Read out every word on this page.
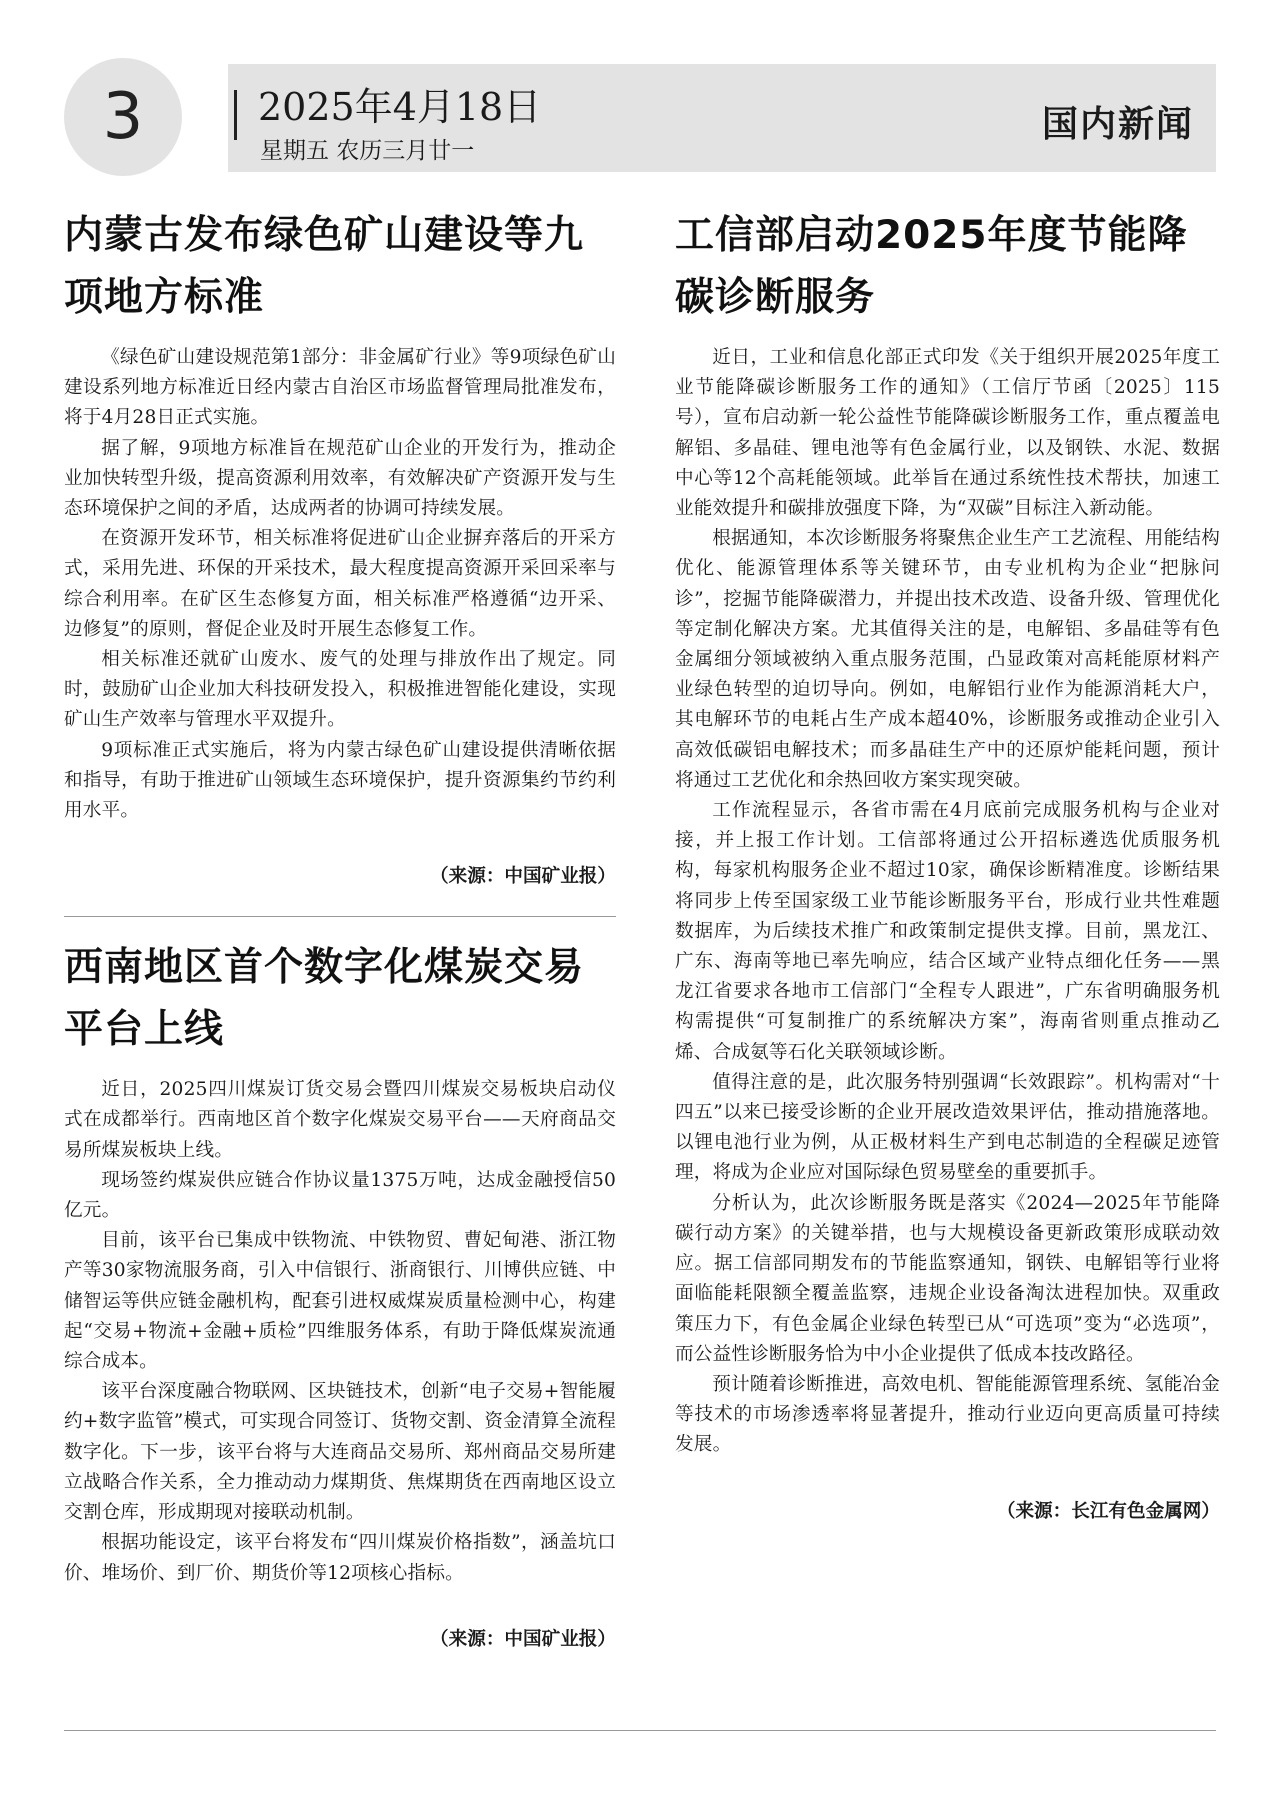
3	2025年4月18日
星期五 农历三月廿一
国内新闻
内蒙古发布绿色矿山建设等九项地方标准

《绿色矿山建设规范第1部分：非金属矿行业》等9项绿色矿山建设系列地方标准近日经内蒙古自治区市场监督管理局批准发布，将于4月28日正式实施。

据了解，9项地方标准旨在规范矿山企业的开发行为，推动企业加快转型升级，提高资源利用效率，有效解决矿产资源开发与生态环境保护之间的矛盾，达成两者的协调可持续发展。

在资源开发环节，相关标准将促进矿山企业摒弃落后的开采方式，采用先进、环保的开采技术，最大程度提高资源开采回采率与综合利用率。在矿区生态修复方面，相关标准严格遵循“边开采、边修复”的原则，督促企业及时开展生态修复工作。

相关标准还就矿山废水、废气的处理与排放作出了规定。同时，鼓励矿山企业加大科技研发投入，积极推进智能化建设，实现矿山生产效率与管理水平双提升。

9项标准正式实施后，将为内蒙古绿色矿山建设提供清晰依据和指导，有助于推进矿山领域生态环境保护，提升资源集约节约利用水平。

（来源：中国矿业报）
西南地区首个数字化煤炭交易平台上线

近日，2025四川煤炭订货交易会暨四川煤炭交易板块启动仪式在成都举行。西南地区首个数字化煤炭交易平台——天府商品交易所煤炭板块上线。

现场签约煤炭供应链合作协议量1375万吨，达成金融授信50亿元。

目前，该平台已集成中铁物流、中铁物贸、曹妃甸港、浙江物产等30家物流服务商，引入中信银行、浙商银行、川博供应链、中储智运等供应链金融机构，配套引进权威煤炭质量检测中心，构建起“交易+物流+金融+质检”四维服务体系，有助于降低煤炭流通综合成本。

该平台深度融合物联网、区块链技术，创新“电子交易+智能履约+数字监管”模式，可实现合同签订、货物交割、资金清算全流程数字化。下一步，该平台将与大连商品交易所、郑州商品交易所建立战略合作关系，全力推动动力煤期货、焦煤期货在西南地区设立交割仓库，形成期现对接联动机制。

根据功能设定，该平台将发布“四川煤炭价格指数”，涵盖坑口价、堆场价、到厂价、期货价等12项核心指标。

（来源：中国矿业报）
工信部启动2025年度节能降碳诊断服务

近日，工业和信息化部正式印发《关于组织开展2025年度工业节能降碳诊断服务工作的通知》（工信厅节函〔2025〕115号），宣布启动新一轮公益性节能降碳诊断服务工作，重点覆盖电解铝、多晶硅、锂电池等有色金属行业，以及钢铁、水泥、数据中心等12个高耗能领域。此举旨在通过系统性技术帮扶，加速工业能效提升和碳排放强度下降，为“双碳”目标注入新动能。

根据通知，本次诊断服务将聚焦企业生产工艺流程、用能结构优化、能源管理体系等关键环节，由专业机构为企业“把脉问诊”，挖掘节能降碳潜力，并提出技术改造、设备升级、管理优化等定制化解决方案。尤其值得关注的是，电解铝、多晶硅等有色金属细分领域被纳入重点服务范围，凸显政策对高耗能原材料产业绿色转型的迫切导向。例如，电解铝行业作为能源消耗大户，其电解环节的电耗占生产成本超40%，诊断服务或推动企业引入高效低碳铝电解技术；而多晶硅生产中的还原炉能耗问题，预计将通过工艺优化和余热回收方案实现突破。

工作流程显示，各省市需在4月底前完成服务机构与企业对接，并上报工作计划。工信部将通过公开招标遴选优质服务机构，每家机构服务企业不超过10家，确保诊断精准度。诊断结果将同步上传至国家级工业节能诊断服务平台，形成行业共性难题数据库，为后续技术推广和政策制定提供支撑。目前，黑龙江、广东、海南等地已率先响应，结合区域产业特点细化任务——黑龙江省要求各地市工信部门“全程专人跟进”，广东省明确服务机构需提供“可复制推广的系统解决方案”，海南省则重点推动乙烯、合成氨等石化关联领域诊断。

值得注意的是，此次服务特别强调“长效跟踪”。机构需对“十四五”以来已接受诊断的企业开展改造效果评估，推动措施落地。以锂电池行业为例，从正极材料生产到电芯制造的全程碳足迹管理，将成为企业应对国际绿色贸易壁垒的重要抓手。

分析认为，此次诊断服务既是落实《2024—2025年节能降碳行动方案》的关键举措，也与大规模设备更新政策形成联动效应。据工信部同期发布的节能监察通知，钢铁、电解铝等行业将面临能耗限额全覆盖监察，违规企业设备淘汰进程加快。双重政策压力下，有色金属企业绿色转型已从“可选项”变为“必选项”，而公益性诊断服务恰为中小企业提供了低成本技改路径。

预计随着诊断推进，高效电机、智能能源管理系统、氢能冶金等技术的市场渗透率将显著提升，推动行业迈向更高质量可持续发展。

（来源：长江有色金属网）
